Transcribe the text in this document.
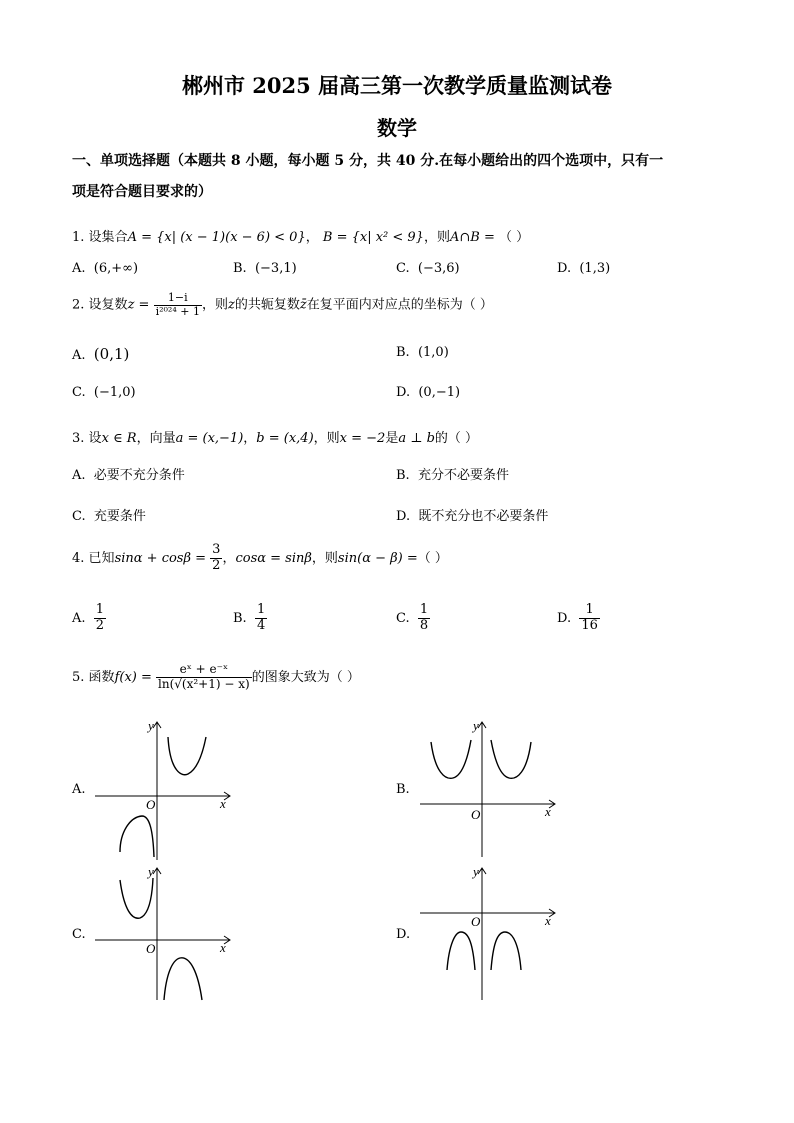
郴州市 2025 届高三第一次教学质量监测试卷
数学
一、单项选择题（本题共 8 小题，每小题 5 分，共 40 分.在每小题给出的四个选项中，只有一
项是符合题目要求的）
1. 设集合A = {x| (x − 1)(x − 6) < 0}， B = {x| x² < 9}，则A∩B = （ ）
A. (6,+∞)	B. (−3,1)	C. (−3,6)	D. (1,3)
2. 设复数$z = \frac{1-i}{\text{i²⁰²⁴ + 1}}$ ，则z的共轭复数z̄在复平面内对应点的坐标为（ ）
A. (0,1)	B. (1,0)
C. (−1,0)	D. (0,−1)
3. 设x ∈ R，向量a = (x,−1)，b = (x,4)，则x = −2是a ⊥ b的（ ）
A. 必要不充分条件	B. 充分不必要条件
C. 充要条件	D. 既不充分也不必要条件
4. 已知$\sin\alpha + \cos\beta = \frac{3}{2}$ ，cosα = sinβ，则sin(α − β) =（ ）
A. $\frac{1}{2}$	B. $\frac{1}{4}$	C. $\frac{1}{8}$	D. $\frac{1}{16}$
5. 函数$f(x) = \frac{\text{eˣ + e⁻ˣ}}{\text{ln(√(x²+1) − x)}}$ 的图象大致为（ ）
A.	B.
C.	D.
y
x
O
y
x
O
y
x
O
y
x
O
